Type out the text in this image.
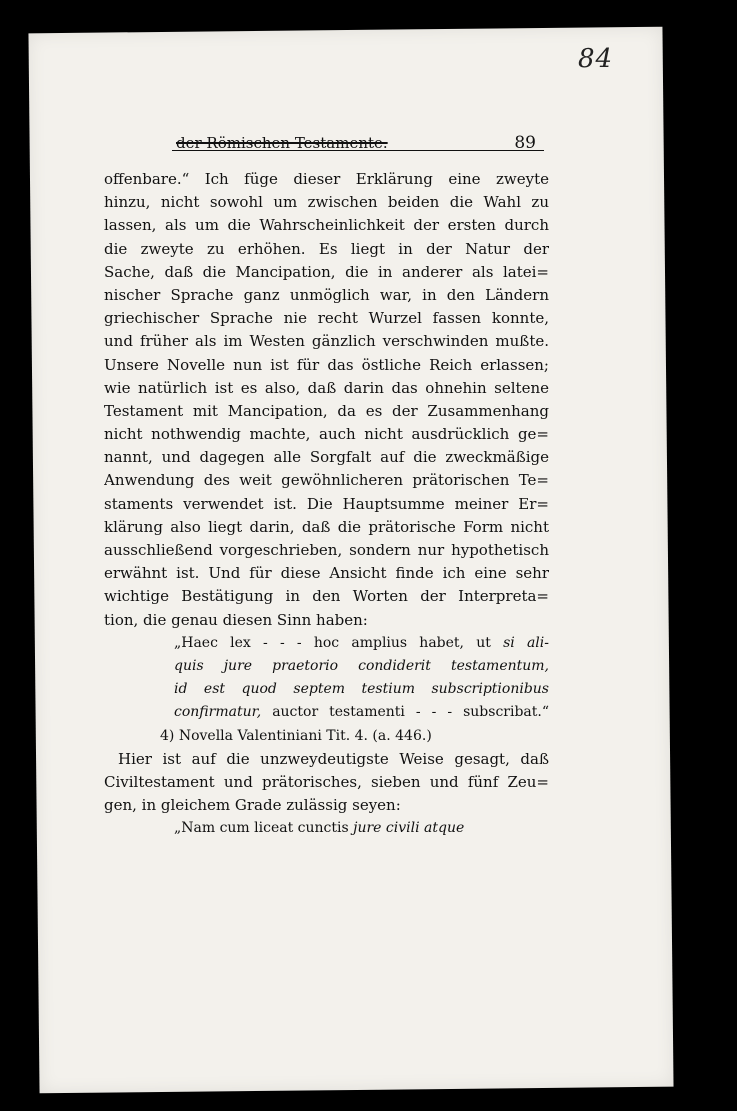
84
der Römischen Testamente.	89
offenbare.“ Ich füge dieser Erklärung eine zweyte
hinzu, nicht sowohl um zwischen beiden die Wahl zu
lassen, als um die Wahrscheinlichkeit der ersten durch
die zweyte zu erhöhen. Es liegt in der Natur der
Sache, daß die Mancipation, die in anderer als latei=
nischer Sprache ganz unmöglich war, in den Ländern
griechischer Sprache nie recht Wurzel fassen konnte,
und früher als im Westen gänzlich verschwinden mußte.
Unsere Novelle nun ist für das östliche Reich erlassen;
wie natürlich ist es also, daß darin das ohnehin seltene
Testament mit Mancipation, da es der Zusammenhang
nicht nothwendig machte, auch nicht ausdrücklich ge=
nannt, und dagegen alle Sorgfalt auf die zweckmäßige
Anwendung des weit gewöhnlicheren prätorischen Te=
staments verwendet ist. Die Hauptsumme meiner Er=
klärung also liegt darin, daß die prätorische Form nicht
ausschließend vorgeschrieben, sondern nur hypothetisch
erwähnt ist. Und für diese Ansicht finde ich eine sehr
wichtige Bestätigung in den Worten der Interpreta=
tion, die genau diesen Sinn haben:
„Haec lex - - - hoc amplius habet, ut si ali-
quis jure praetorio condiderit testamentum,
id est quod septem testium subscriptionibus
confirmatur, auctor testamenti - - - subscribat.“
4) Novella Valentiniani Tit. 4. (a. 446.)
Hier ist auf die unzweydeutigste Weise gesagt, daß
Civiltestament und prätorisches, sieben und fünf Zeu=
gen, in gleichem Grade zulässig seyen:
„Nam cum liceat cunctis jure civili atque
